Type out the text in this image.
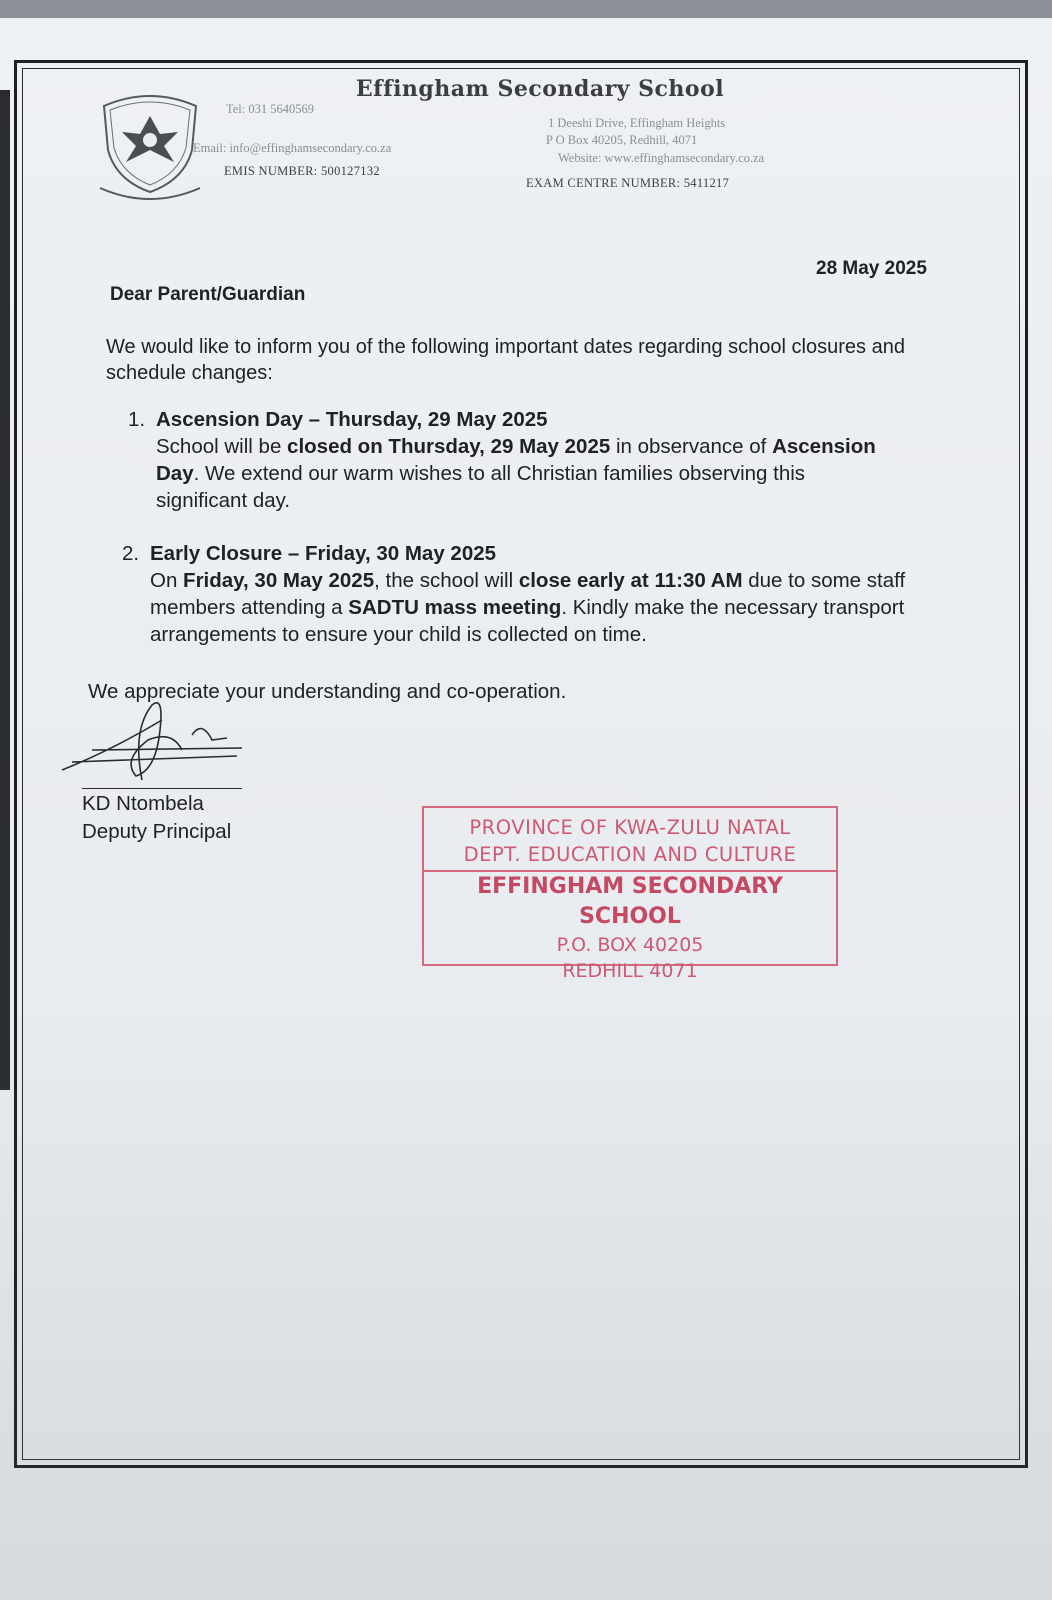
Effingham Secondary School
Tel: 031 5640569
Email: info@effinghamsecondary.co.za
EMIS NUMBER: 500127132
1 Deeshi Drive, Effingham Heights
P O Box 40205, Redhill, 4071
Website: www.effinghamsecondary.co.za
EXAM CENTRE NUMBER: 5411217
28 May 2025
Dear Parent/Guardian
We would like to inform you of the following important dates regarding school closures and schedule changes:
1. Ascension Day – Thursday, 29 May 2025

School will be closed on Thursday, 29 May 2025 in observance of Ascension Day. We extend our warm wishes to all Christian families observing this significant day.

2. Early Closure – Friday, 30 May 2025

On Friday, 30 May 2025, the school will close early at 11:30 AM due to some staff members attending a SADTU mass meeting. Kindly make the necessary transport arrangements to ensure your child is collected on time.

We appreciate your understanding and co-operation.
KD Ntombela
Deputy Principal	PROVINCE OF KWA-ZULU NATAL
DEPT. EDUCATION AND CULTURE
EFFINGHAM SECONDARY SCHOOL
P.O. BOX 40205
REDHILL 4071
